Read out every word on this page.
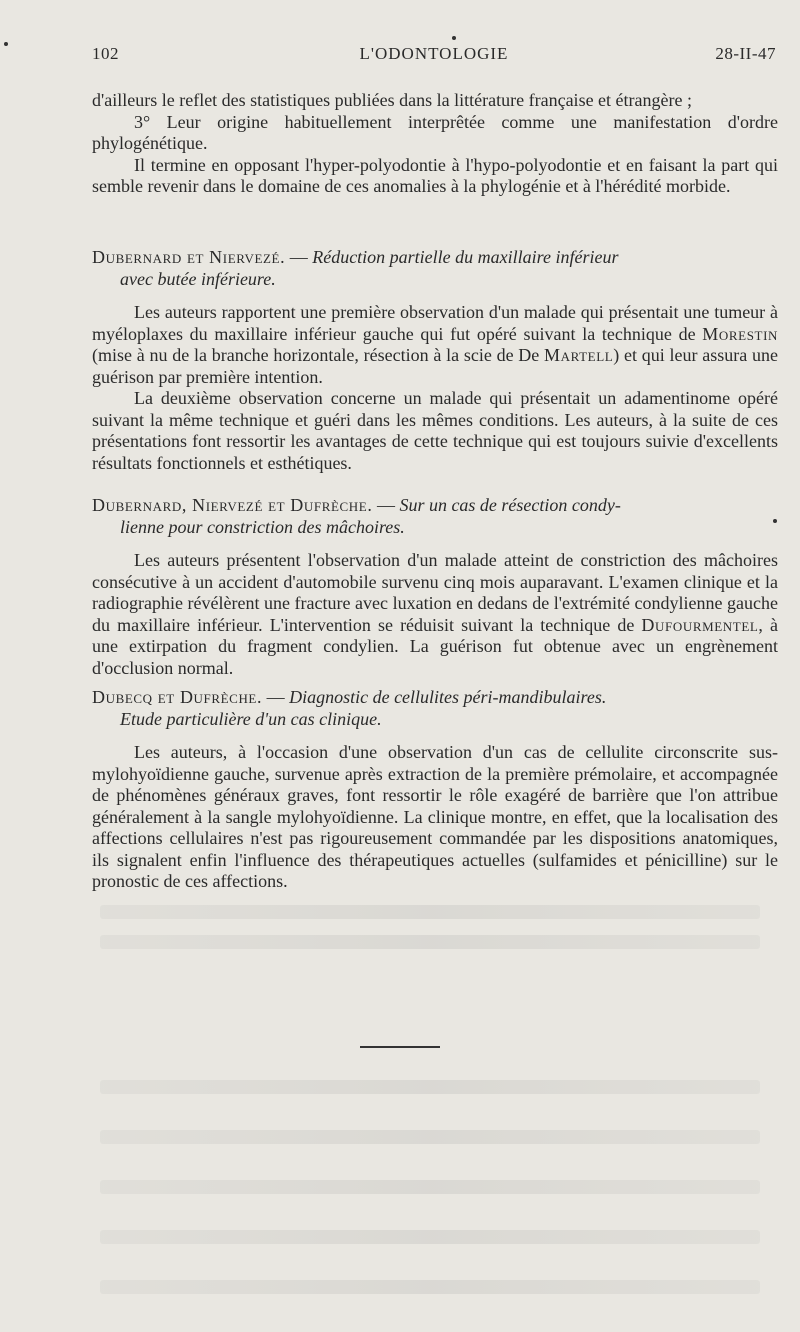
102	L'ODONTOLOGIE	28-II-47

d'ailleurs le reflet des statistiques publiées dans la littérature française et étrangère ;

3° Leur origine habituellement interprêtée comme une manifestation d'ordre phylogénétique.

Il termine en opposant l'hyper-polyodontie à l'hypo-polyodontie et en faisant la part qui semble revenir dans le domaine de ces anomalies à la phylogénie et à l'hérédité morbide.

Dubernard et Niervezé. — Réduction partielle du maxillaire inférieur
avec butée inférieure.

Les auteurs rapportent une première observation d'un malade qui présentait une tumeur à myéloplaxes du maxillaire inférieur gauche qui fut opéré suivant la technique de Morestin (mise à nu de la branche horizontale, résection à la scie de De Martell) et qui leur assura une guérison par première intention.

La deuxième observation concerne un malade qui présentait un adamentinome opéré suivant la même technique et guéri dans les mêmes conditions. Les auteurs, à la suite de ces présentations font ressortir les avantages de cette technique qui est toujours suivie d'excellents résultats fonctionnels et esthétiques.

Dubernard, Niervezé et Dufrèche. — Sur un cas de résection condy-
lienne pour constriction des mâchoires.

Les auteurs présentent l'observation d'un malade atteint de constriction des mâchoires consécutive à un accident d'automobile survenu cinq mois auparavant. L'examen clinique et la radiographie révélèrent une fracture avec luxation en dedans de l'extrémité condylienne gauche du maxillaire inférieur. L'intervention se réduisit suivant la technique de Dufourmentel, à une extirpation du fragment condylien. La guérison fut obtenue avec un engrènement d'occlusion normal.

Dubecq et Dufrèche. — Diagnostic de cellulites péri-mandibulaires.
Etude particulière d'un cas clinique.

Les auteurs, à l'occasion d'une observation d'un cas de cellulite circonscrite sus-mylohyoïdienne gauche, survenue après extraction de la première prémolaire, et accompagnée de phénomènes généraux graves, font ressortir le rôle exagéré de barrière que l'on attribue généralement à la sangle mylohyoïdienne. La clinique montre, en effet, que la localisation des affections cellulaires n'est pas rigoureusement commandée par les dispositions anatomiques, ils signalent enfin l'influence des thérapeutiques actuelles (sulfamides et pénicilline) sur le pronostic de ces affections.
